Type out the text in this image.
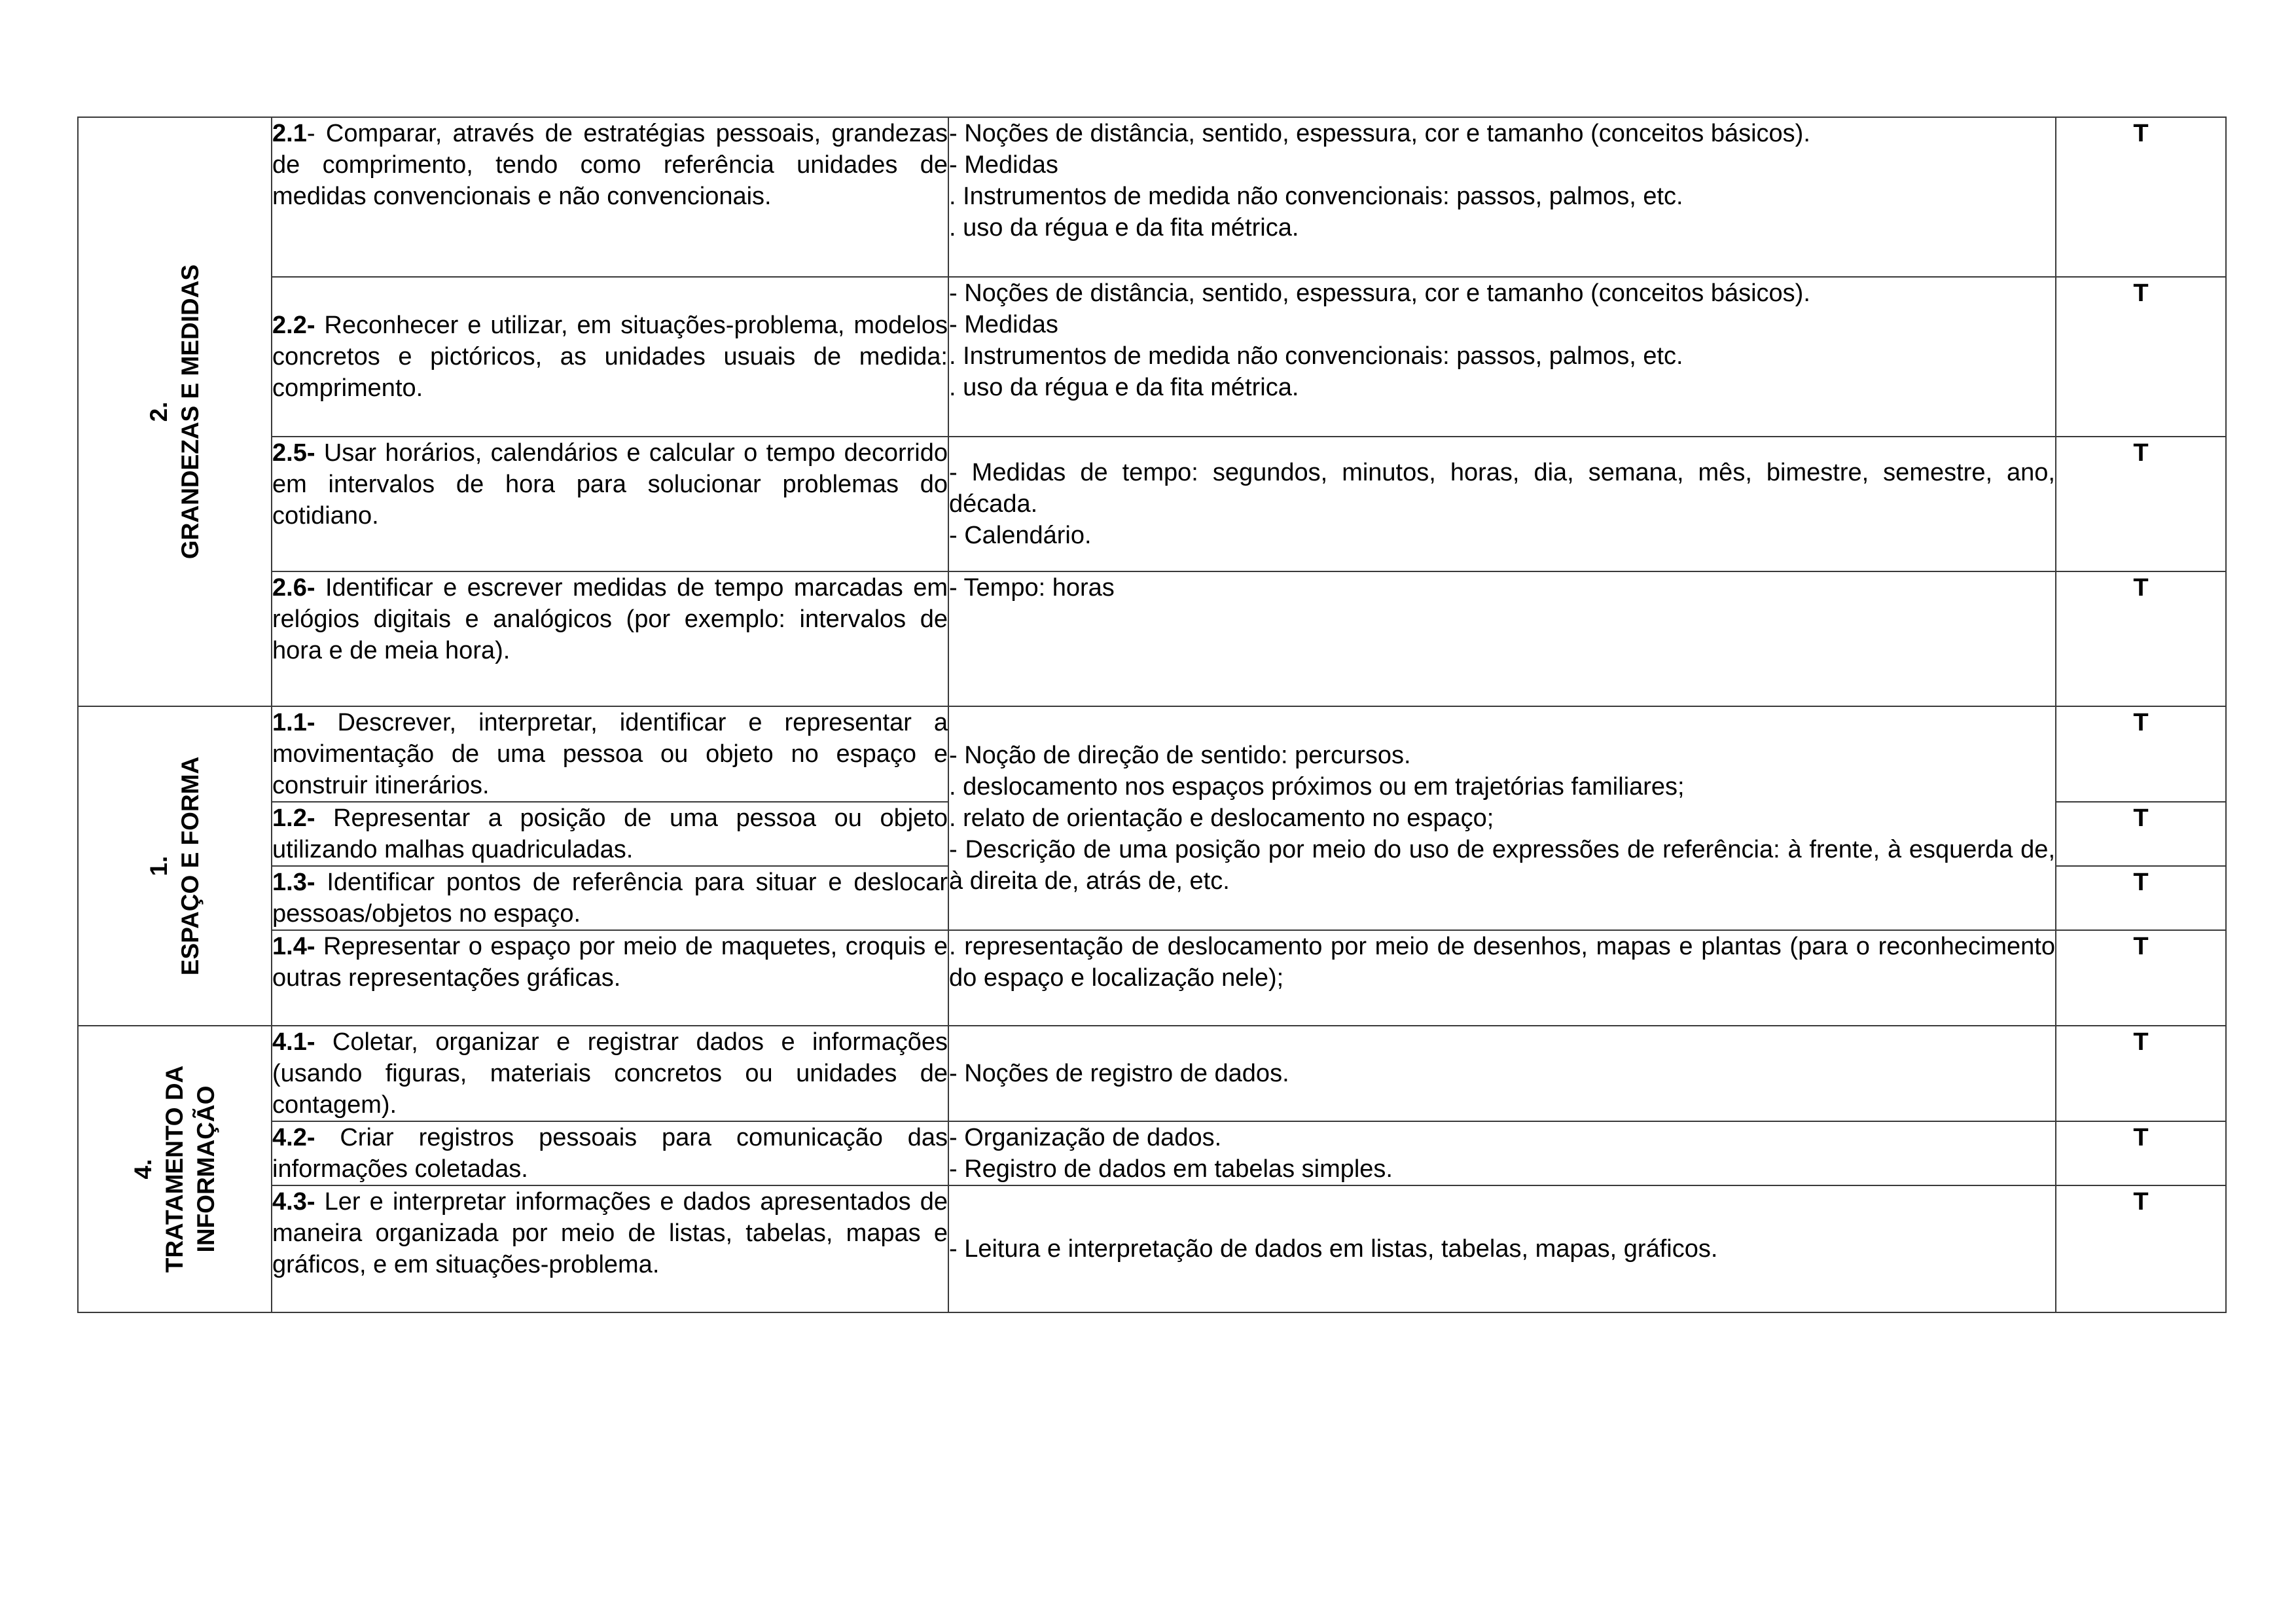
2. GRANDEZAS E MEDIDAS	2.1- Comparar, através de estratégias pessoais, grandezas de comprimento, tendo como referência unidades de medidas convencionais e não convencionais.	- Noções de distância, sentido, espessura, cor e tamanho (conceitos básicos).
- Medidas
. Instrumentos de medida não convencionais: passos, palmos, etc.
. uso da régua e da fita métrica.	T
	2.2- Reconhecer e utilizar, em situações-problema, modelos concretos e pictóricos, as unidades usuais de medida: comprimento.	- Noções de distância, sentido, espessura, cor e tamanho (conceitos básicos).
- Medidas
. Instrumentos de medida não convencionais: passos, palmos, etc.
. uso da régua e da fita métrica.	T
	2.5- Usar horários, calendários e calcular o tempo decorrido em intervalos de hora para solucionar problemas do cotidiano.	- Medidas de tempo: segundos, minutos, horas, dia, semana, mês, bimestre, semestre, ano, década.
- Calendário.	T
	2.6- Identificar e escrever medidas de tempo marcadas em relógios digitais e analógicos (por exemplo: intervalos de hora e de meia hora).	- Tempo: horas	T

1. ESPAÇO E FORMA	1.1- Descrever, interpretar, identificar e representar a movimentação de uma pessoa ou objeto no espaço e construir itinerários.	- Noção de direção de sentido: percursos.
. deslocamento nos espaços próximos ou em trajetórias familiares;
. relato de orientação e deslocamento no espaço;
- Descrição de uma posição por meio do uso de expressões de referência: à frente, à esquerda de, à direita de, atrás de, etc.	T
	1.2- Representar a posição de uma pessoa ou objeto utilizando malhas quadriculadas.		T
	1.3- Identificar pontos de referência para situar e deslocar pessoas/objetos no espaço.		T
	1.4- Representar o espaço por meio de maquetes, croquis e outras representações gráficas.	. representação de deslocamento por meio de desenhos, mapas e plantas (para o reconhecimento do espaço e localização nele);	T

4. TRATAMENTO DA INFORMAÇÃO	4.1- Coletar, organizar e registrar dados e informações (usando figuras, materiais concretos ou unidades de contagem).	- Noções de registro de dados.	T
	4.2- Criar registros pessoais para comunicação das informações coletadas.	- Organização de dados.
- Registro de dados em tabelas simples.	T
	4.3- Ler e interpretar informações e dados apresentados de maneira organizada por meio de listas, tabelas, mapas e gráficos, e em situações-problema.	- Leitura e interpretação de dados em listas, tabelas, mapas, gráficos.	T
